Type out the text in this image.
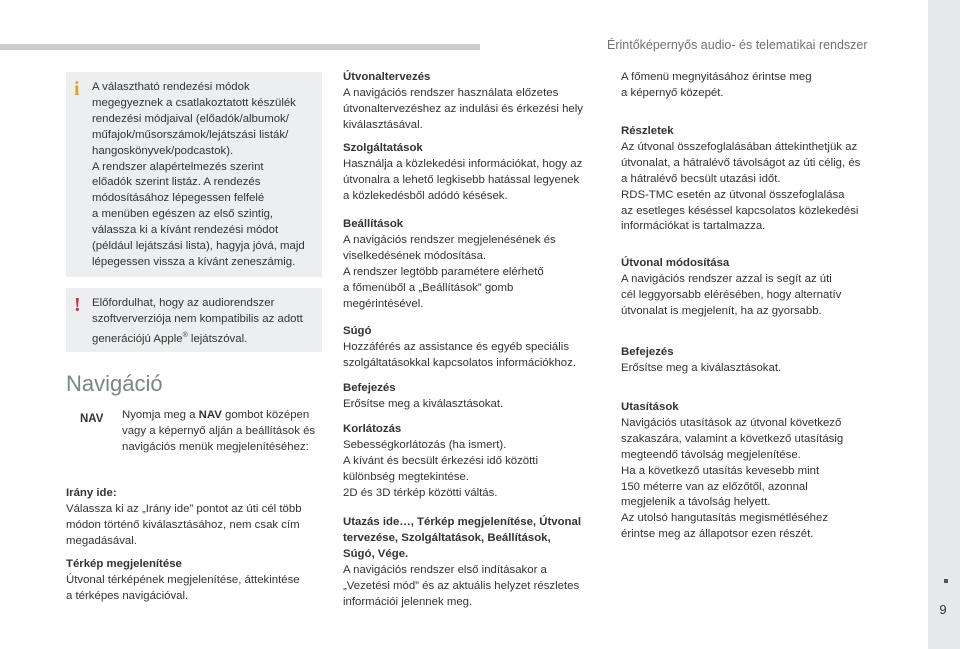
Érintőképernyős audio- és telematikai rendszer
9
i A választható rendezési módok
megegyeznek a csatlakoztatott készülék
rendezési módjaival (előadók/albumok/
műfajok/műsorszámok/lejátszási listák/
hangoskönyvek/podcastok).
A rendszer alapértelmezés szerint
előadók szerint listáz. A rendezés
módosításához lépegessen felfelé
a menüben egészen az első szintig,
válassza ki a kívánt rendezési módot
(például lejátszási lista), hagyja jóvá, majd
lépegessen vissza a kívánt zeneszámig.
! Előfordulhat, hogy az audiorendszer
szoftververziója nem kompatibilis az adott
generációjú Apple® lejátszóval.
Navigáció
NAV Nyomja meg a NAV gombot középen vagy a képernyő alján a beállítások és navigációs menük megjelenítéséhez:
Irány ide:
Válassza ki az „Irány ide” pontot az úti cél több
módon történő kiválasztásához, nem csak cím
megadásával.
Térkép megjelenítése
Útvonal térképének megjelenítése, áttekintése
a térképes navigációval.
Útvonaltervezés
A navigációs rendszer használata előzetes
útvonaltervezéshez az indulási és érkezési hely
kiválasztásával.
Szolgáltatások
Használja a közlekedési információkat, hogy az
útvonalra a lehető legkisebb hatással legyenek
a közlekedésből adódó késések.
Beállítások
A navigációs rendszer megjelenésének és
viselkedésének módosítása.
A rendszer legtöbb paramétere elérhető
a főmenüből a „Beállítások” gomb
megérintésével.
Súgó
Hozzáférés az assistance és egyéb speciális
szolgáltatásokkal kapcsolatos információkhoz.
Befejezés
Erősítse meg a kiválasztásokat.
Korlátozás
Sebességkorlátozás (ha ismert).
A kívánt és becsült érkezési idő közötti
különbség megtekintése.
2D és 3D térkép közötti váltás.
Utazás ide…, Térkép megjelenítése, Útvonal
tervezése, Szolgáltatások, Beállítások,
Súgó, Vége.
A navigációs rendszer első indításakor a
„Vezetési mód” és az aktuális helyzet részletes
információi jelennek meg.
A főmenü megnyitásához érintse meg
a képernyő közepét.
Részletek
Az útvonal összefoglalásában áttekinthetjük az
útvonalat, a hátralévő távolságot az úti célig, és
a hátralévő becsült utazási időt.
RDS-TMC esetén az útvonal összefoglalása
az esetleges késéssel kapcsolatos közlekedési
információkat is tartalmazza.
Útvonal módosítása
A navigációs rendszer azzal is segít az úti
cél leggyorsabb elérésében, hogy alternatív
útvonalat is megjelenít, ha az gyorsabb.
Befejezés
Erősítse meg a kiválasztásokat.
Utasítások
Navigációs utasítások az útvonal következő
szakaszára, valamint a következő utasításig
megteendő távolság megjelenítése.
Ha a következő utasítás kevesebb mint
150 méterre van az előzőtől, azonnal
megjelenik a távolság helyett.
Az utolsó hangutasítás megismétléséhez
érintse meg az állapotsor ezen részét.
